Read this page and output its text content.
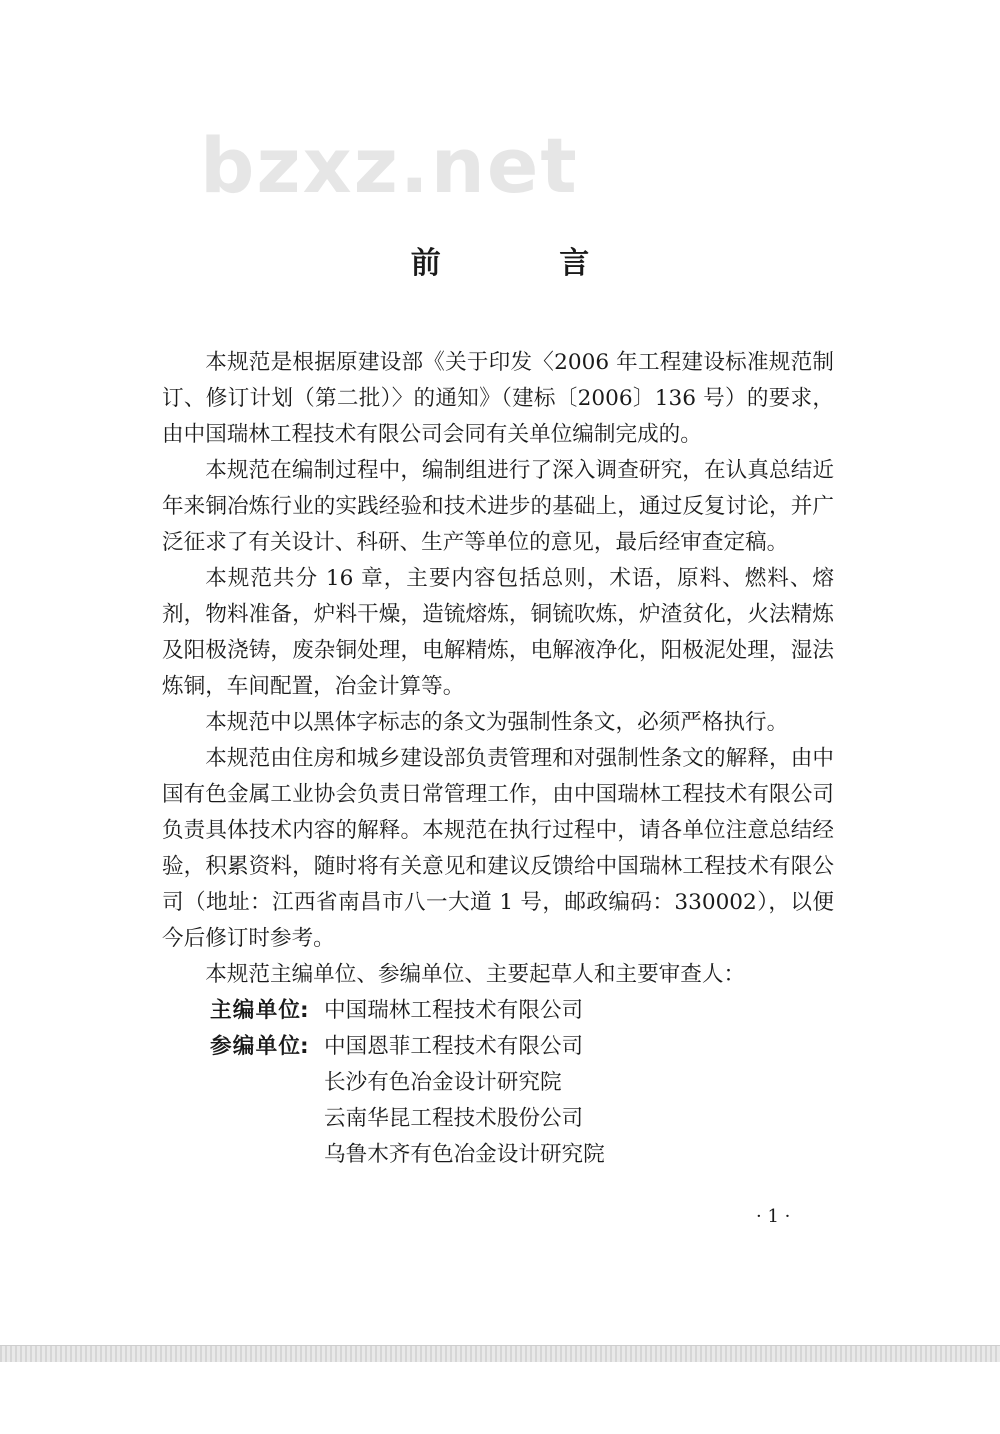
bzxz.net
前 言

本规范是根据原建设部《关于印发〈2006 年工程建设标准规范制订、修订计划（第二批）〉的通知》（建标〔2006〕136 号）的要求，由中国瑞林工程技术有限公司会同有关单位编制完成的。

本规范在编制过程中，编制组进行了深入调查研究，在认真总结近年来铜冶炼行业的实践经验和技术进步的基础上，通过反复讨论，并广泛征求了有关设计、科研、生产等单位的意见，最后经审查定稿。

本规范共分 16 章，主要内容包括总则，术语，原料、燃料、熔剂，物料准备，炉料干燥，造锍熔炼，铜锍吹炼，炉渣贫化，火法精炼及阳极浇铸，废杂铜处理，电解精炼，电解液净化，阳极泥处理，湿法炼铜，车间配置，冶金计算等。

本规范中以黑体字标志的条文为强制性条文，必须严格执行。

本规范由住房和城乡建设部负责管理和对强制性条文的解释，由中国有色金属工业协会负责日常管理工作，由中国瑞林工程技术有限公司负责具体技术内容的解释。本规范在执行过程中，请各单位注意总结经验，积累资料，随时将有关意见和建议反馈给中国瑞林工程技术有限公司（地址：江西省南昌市八一大道 1 号，邮政编码：330002），以便今后修订时参考。

本规范主编单位、参编单位、主要起草人和主要审查人：

主编单位: 中国瑞林工程技术有限公司
参编单位: 中国恩菲工程技术有限公司
长沙有色冶金设计研究院
云南华昆工程技术股份公司
乌鲁木齐有色冶金设计研究院
· 1 ·
